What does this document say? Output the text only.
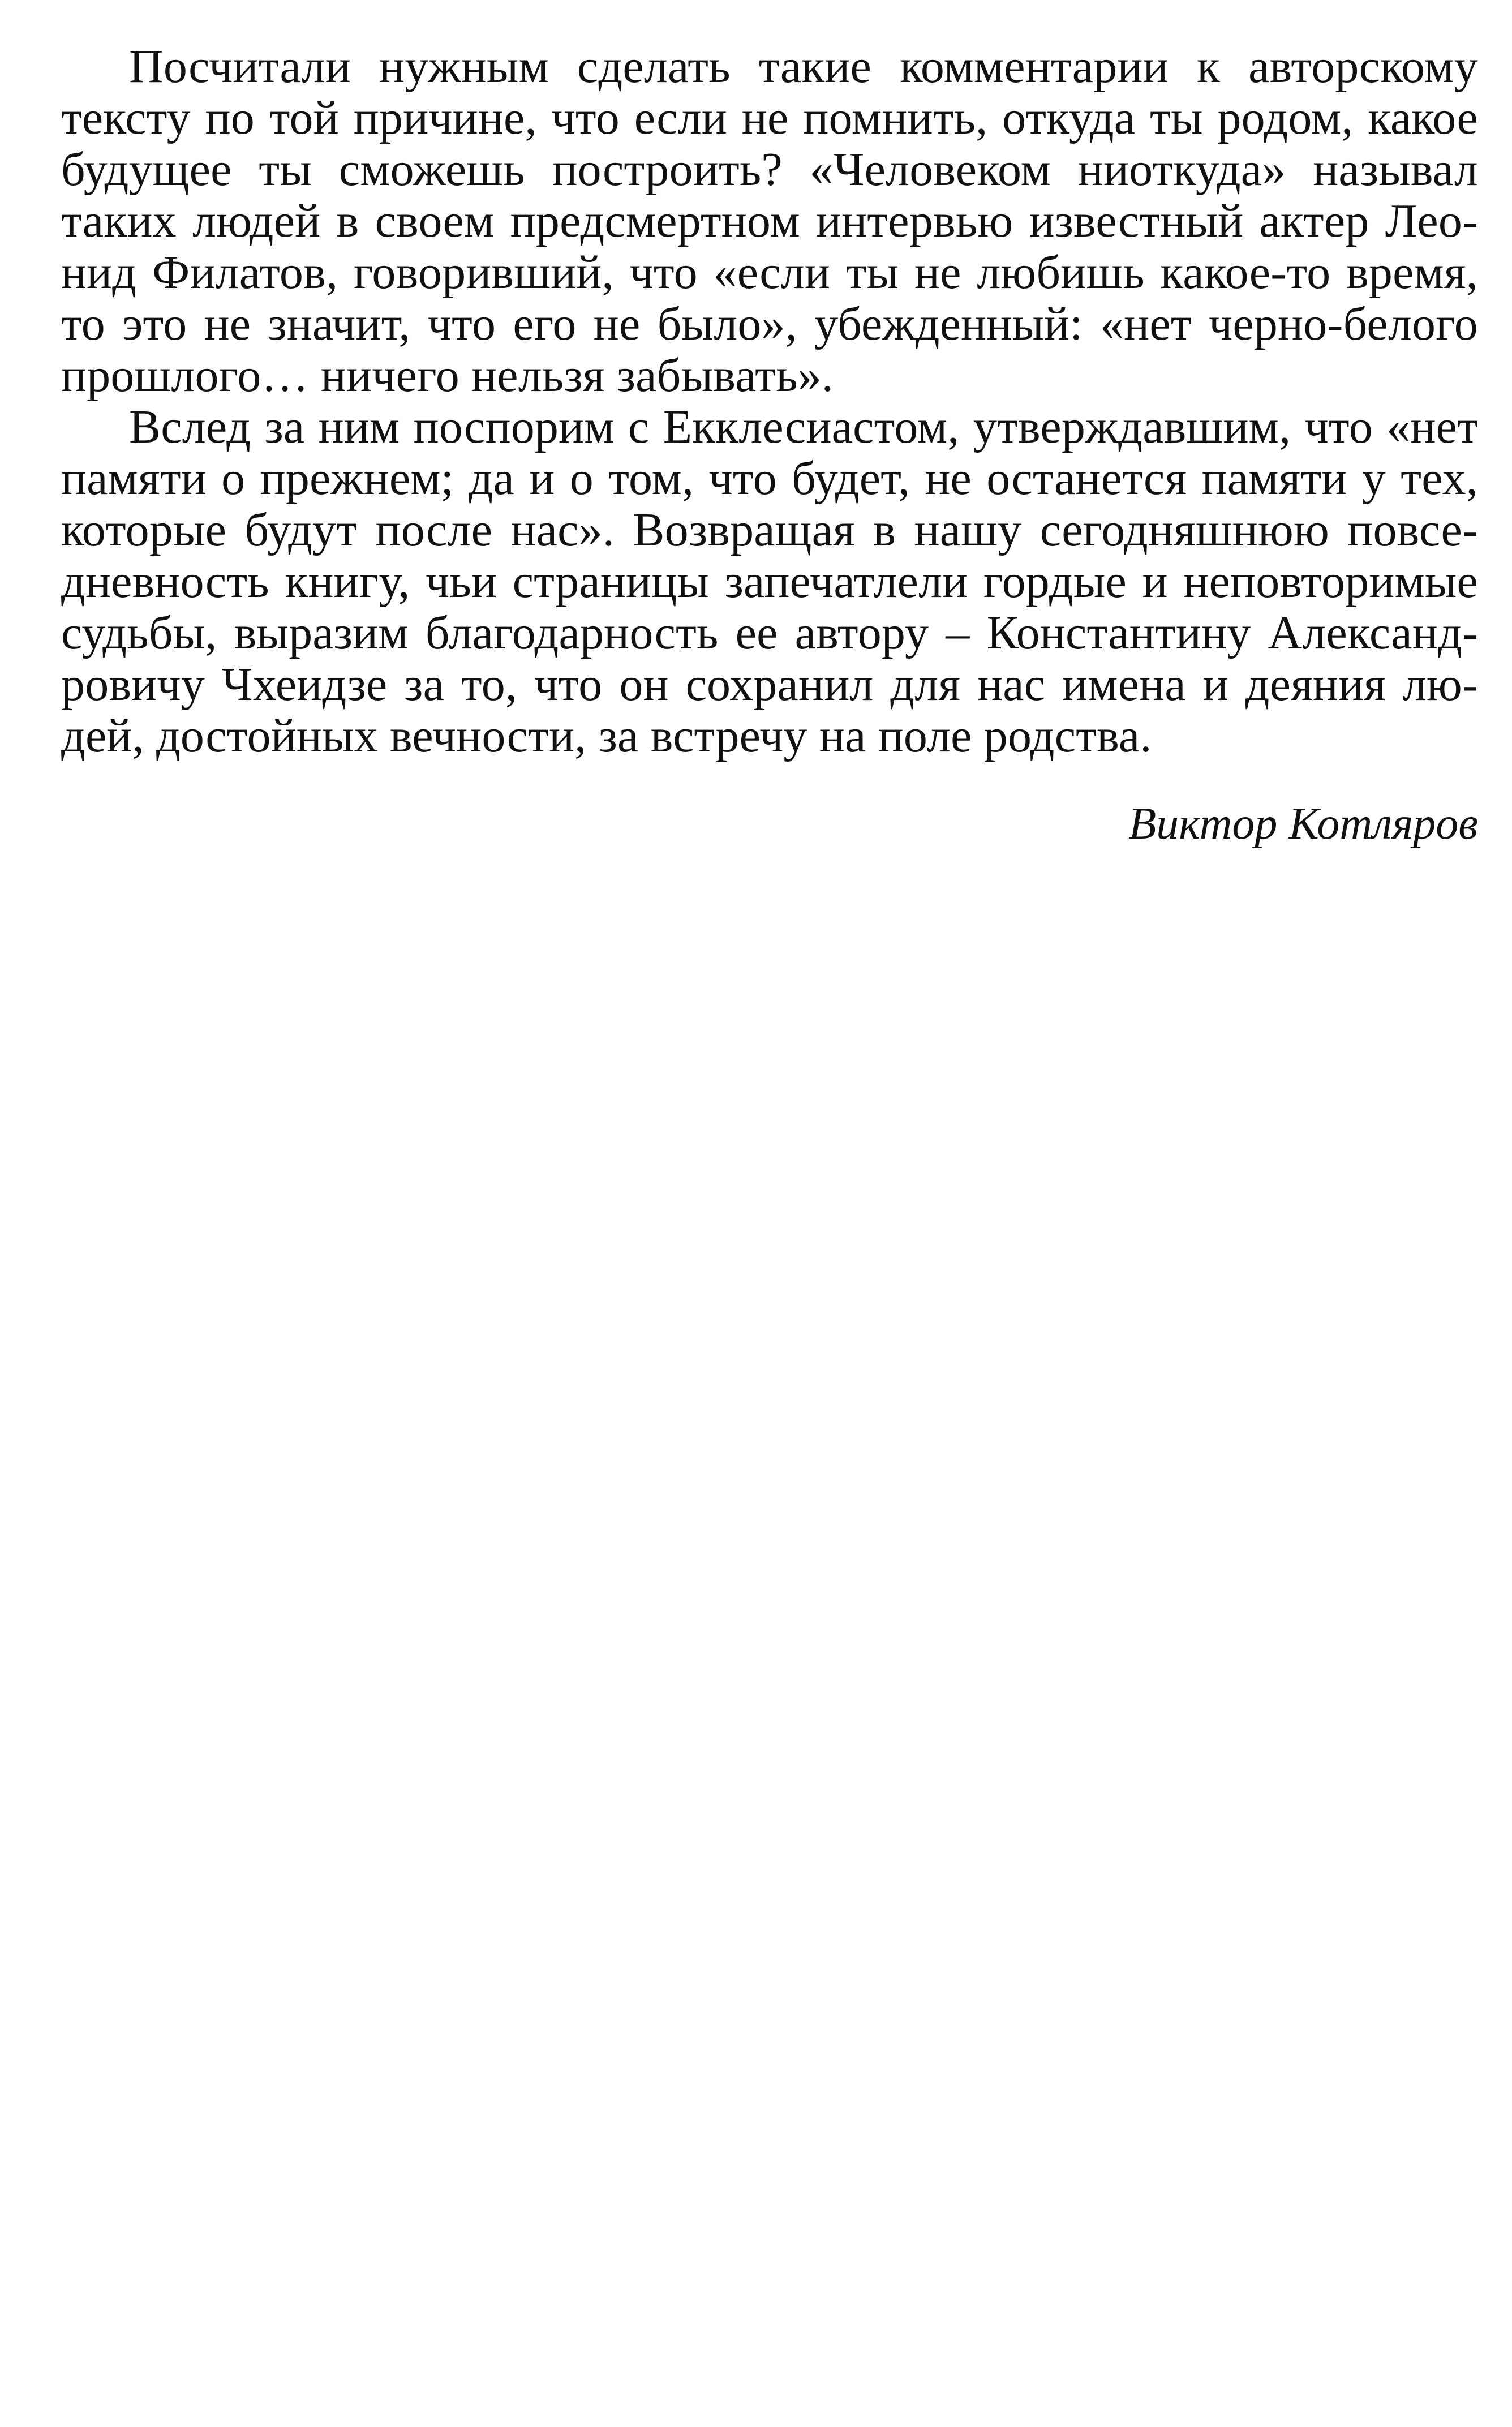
Посчитали нужным сделать такие комментарии к авторскому тексту по той причине, что если не помнить, откуда ты родом, какое будущее ты сможешь построить? «Человеком ниоткуда» называл таких людей в своем предсмертном интервью известный актер Леонид Филатов, говоривший, что «если ты не любишь какое-то время, то это не значит, что его не было», убежденный: «нет черно-белого прошлого… ничего нельзя забывать».

Вслед за ним поспорим с Екклесиастом, утверждавшим, что «нет памяти о прежнем; да и о том, что будет, не останется памяти у тех, которые будут после нас». Возвращая в нашу сегодняшнюю повседневность книгу, чьи страницы запечатлели гордые и неповторимые судьбы, выразим благодарность ее автору – Константину Александровичу Чхеидзе за то, что он сохранил для нас имена и деяния людей, достойных вечности, за встречу на поле родства.

Виктор Котляров
